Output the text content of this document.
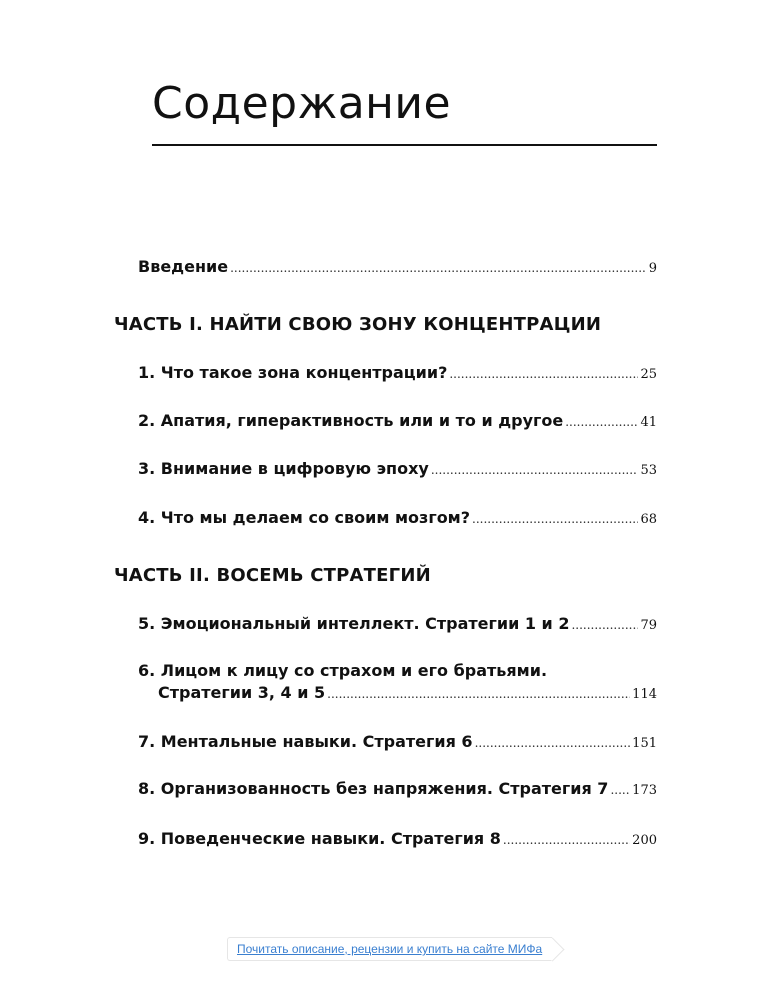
Содержание
Введение .....	9
ЧАСТЬ I. НАЙТИ СВОЮ ЗОНУ КОНЦЕНТРАЦИИ
1. Что такое зона концентрации? .....	25
2. Апатия, гиперактивность или и то и другое .....	41
3. Внимание в цифровую эпоху .....	53
4. Что мы делаем со своим мозгом? .....	68
ЧАСТЬ II. ВОСЕМЬ СТРАТЕГИЙ
5. Эмоциональный интеллект. Стратегии 1 и 2 .....	79
6. Лицом к лицу со страхом и его братьями.
Стратегии 3, 4 и 5 .....	114
7. Ментальные навыки. Стратегия 6 .....	151
8. Организованность без напряжения. Стратегия 7 ..... 173
9. Поведенческие навыки. Стратегия 8 .....	200
Почитать описание, рецензии и купить на сайте МИФа
